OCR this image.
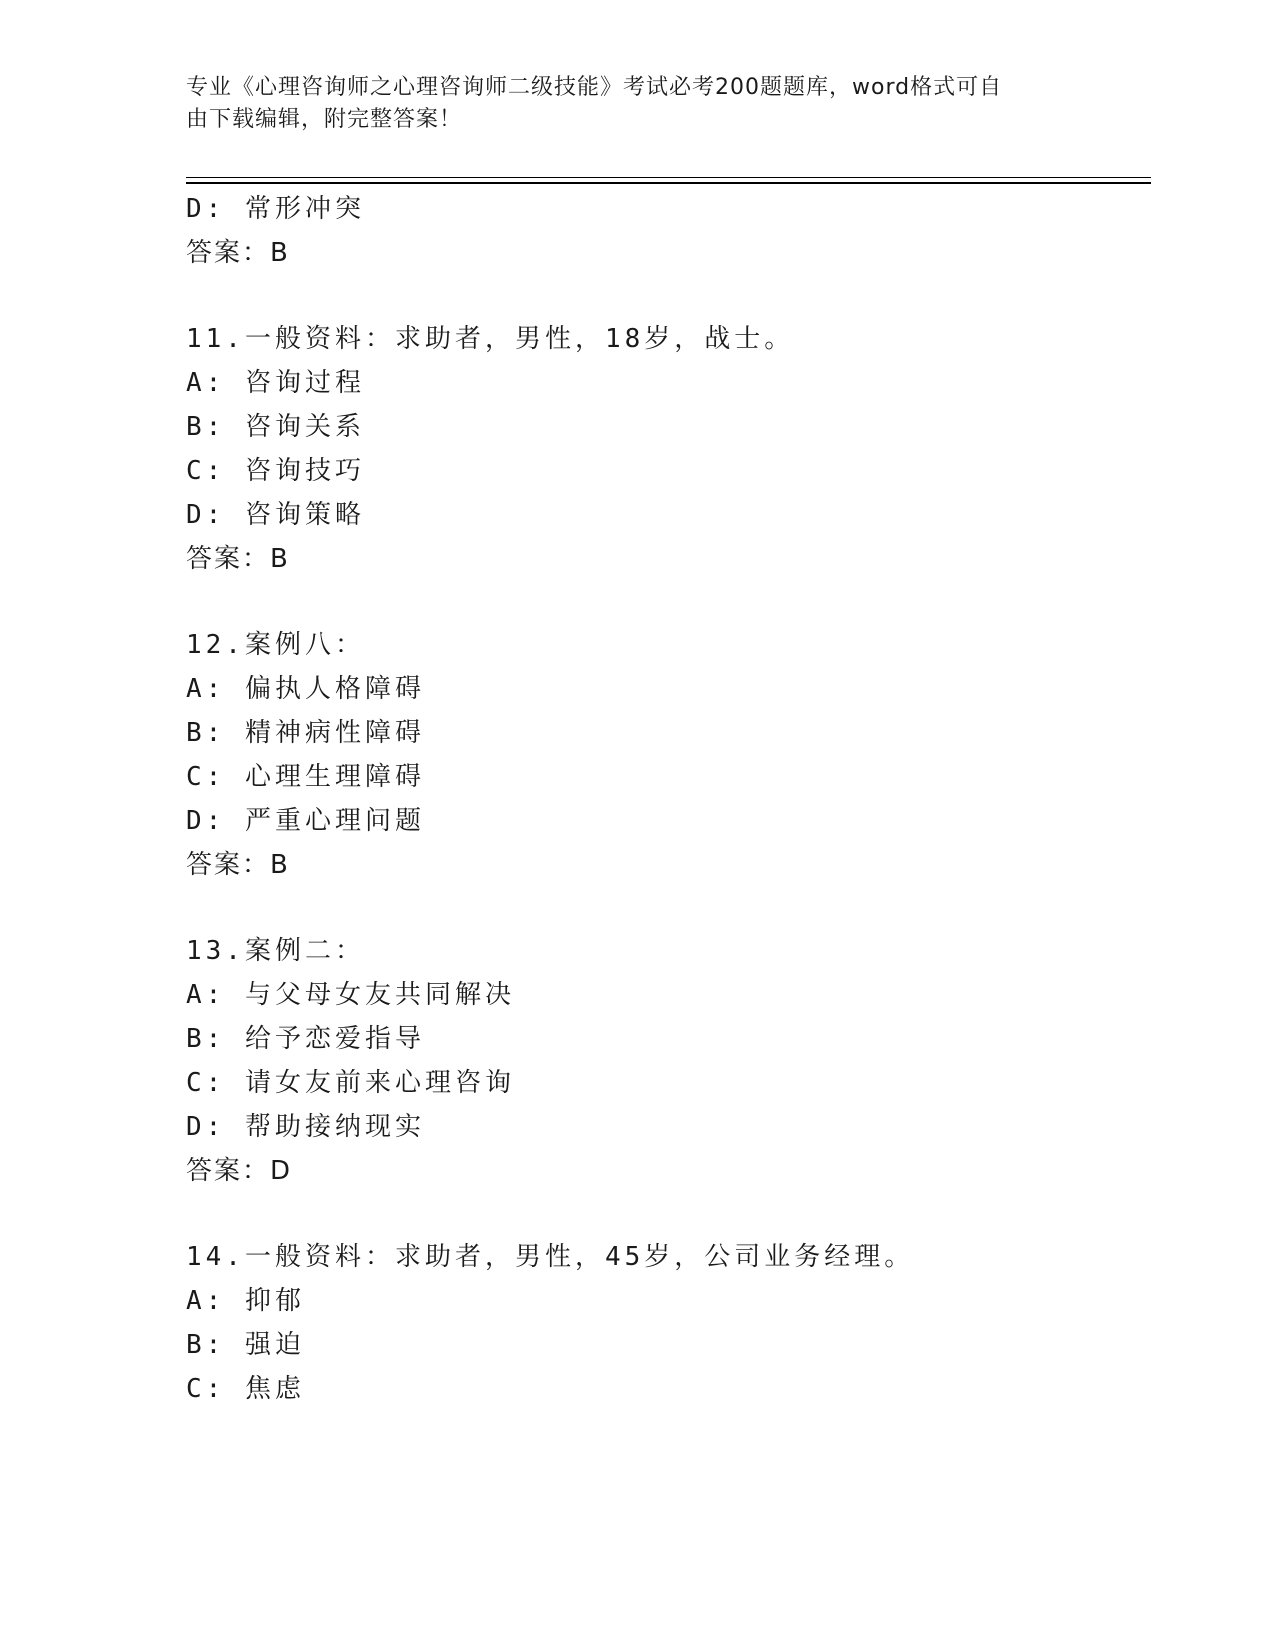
专业《心理咨询师之心理咨询师二级技能》考试必考200题题库，word格式可自
由下载编辑，附完整答案！
D: 常形冲突
答案：B
11.一般资料：求助者，男性，18岁，战士。
A: 咨询过程
B: 咨询关系
C: 咨询技巧
D: 咨询策略
答案：B
12.案例八：
A: 偏执人格障碍
B: 精神病性障碍
C: 心理生理障碍
D: 严重心理问题
答案：B
13.案例二：
A: 与父母女友共同解决
B: 给予恋爱指导
C: 请女友前来心理咨询
D: 帮助接纳现实
答案：D
14.一般资料：求助者，男性，45岁，公司业务经理。
A: 抑郁
B: 强迫
C: 焦虑
